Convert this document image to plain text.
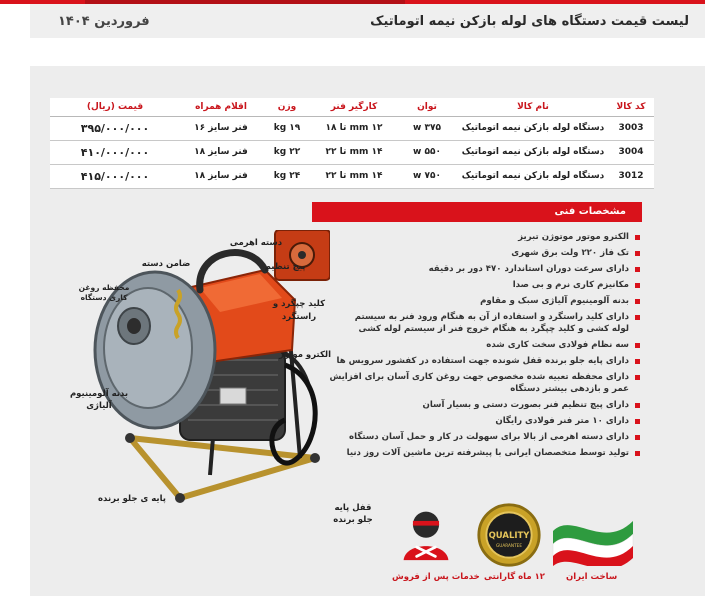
لیست قیمت دستگاه های لوله بازکن نیمه اتوماتیک
فروردین ۱۴۰۴
کد کالا	نام کالا	توان	کارگیر فنر	وزن	اقلام همراه	قیمت (ریال)
3003	دستگاه لوله بازکن نیمه اتوماتیک	۳۷۵ w	۱۲ mm تا ۱۸	۱۹ kg	فنر سایز ۱۶	۳۹۵/۰۰۰/۰۰۰
3004	دستگاه لوله بازکن نیمه اتوماتیک	۵۵۰ w	۱۴ mm تا ۲۲	۲۲ kg	فنر سایز ۱۸	۴۱۰/۰۰۰/۰۰۰
3012	دستگاه لوله بازکن نیمه اتوماتیک	۷۵۰ w	۱۴ mm تا ۲۲	۲۴ kg	فنر سایز ۱۸	۴۱۵/۰۰۰/۰۰۰
مشخصات فنی
الکترو موتور موتوژن تبریز
تک فاز ۲۲۰ ولت برق شهری
دارای سرعت دوران استاندارد ۴۷۰ دور بر دقیقه
مکانیزم کاری نرم و بی صدا
بدنه آلومینیوم آلیاژی سبک و مقاوم
دارای کلید راستگرد و استفاده از آن به هنگام ورود فنر به سیستم
لوله کشی و کلید چپگرد به هنگام خروج فنر از سیستم لوله کشی
سه نظام فولادی سخت کاری شده
دارای پایه جلو برنده قفل شونده جهت استفاده در کفشور سرویس ها
دارای محفظه تعبیه شده مخصوص جهت روغن کاری آسان برای افزایش
عمر و بازدهی بیشتر دستگاه
دارای پیچ تنظیم فنر بصورت دستی و بسیار آسان
دارای ۱۰ متر فنر فولادی رایگان
دارای دسته اهرمی از بالا برای سهولت در کار و حمل آسان دستگاه
تولید توسط متخصصان ایرانی با پیشرفته ترین ماشین آلات روز دنیا
دسته اهرمی
ضامن دسته
محفظه روغن کاری دستگاه
پیچ تنظیم
کلید چپگرد و راستگرد
الکترو موتور
بدنه آلومینیوم آلیاژی
پایه ی جلو برنده
قفل پایه جلو برنده
ساخت ایران
QUALITY
GUARANTEE
۱۲ ماه گارانتی
خدمات پس از فروش
